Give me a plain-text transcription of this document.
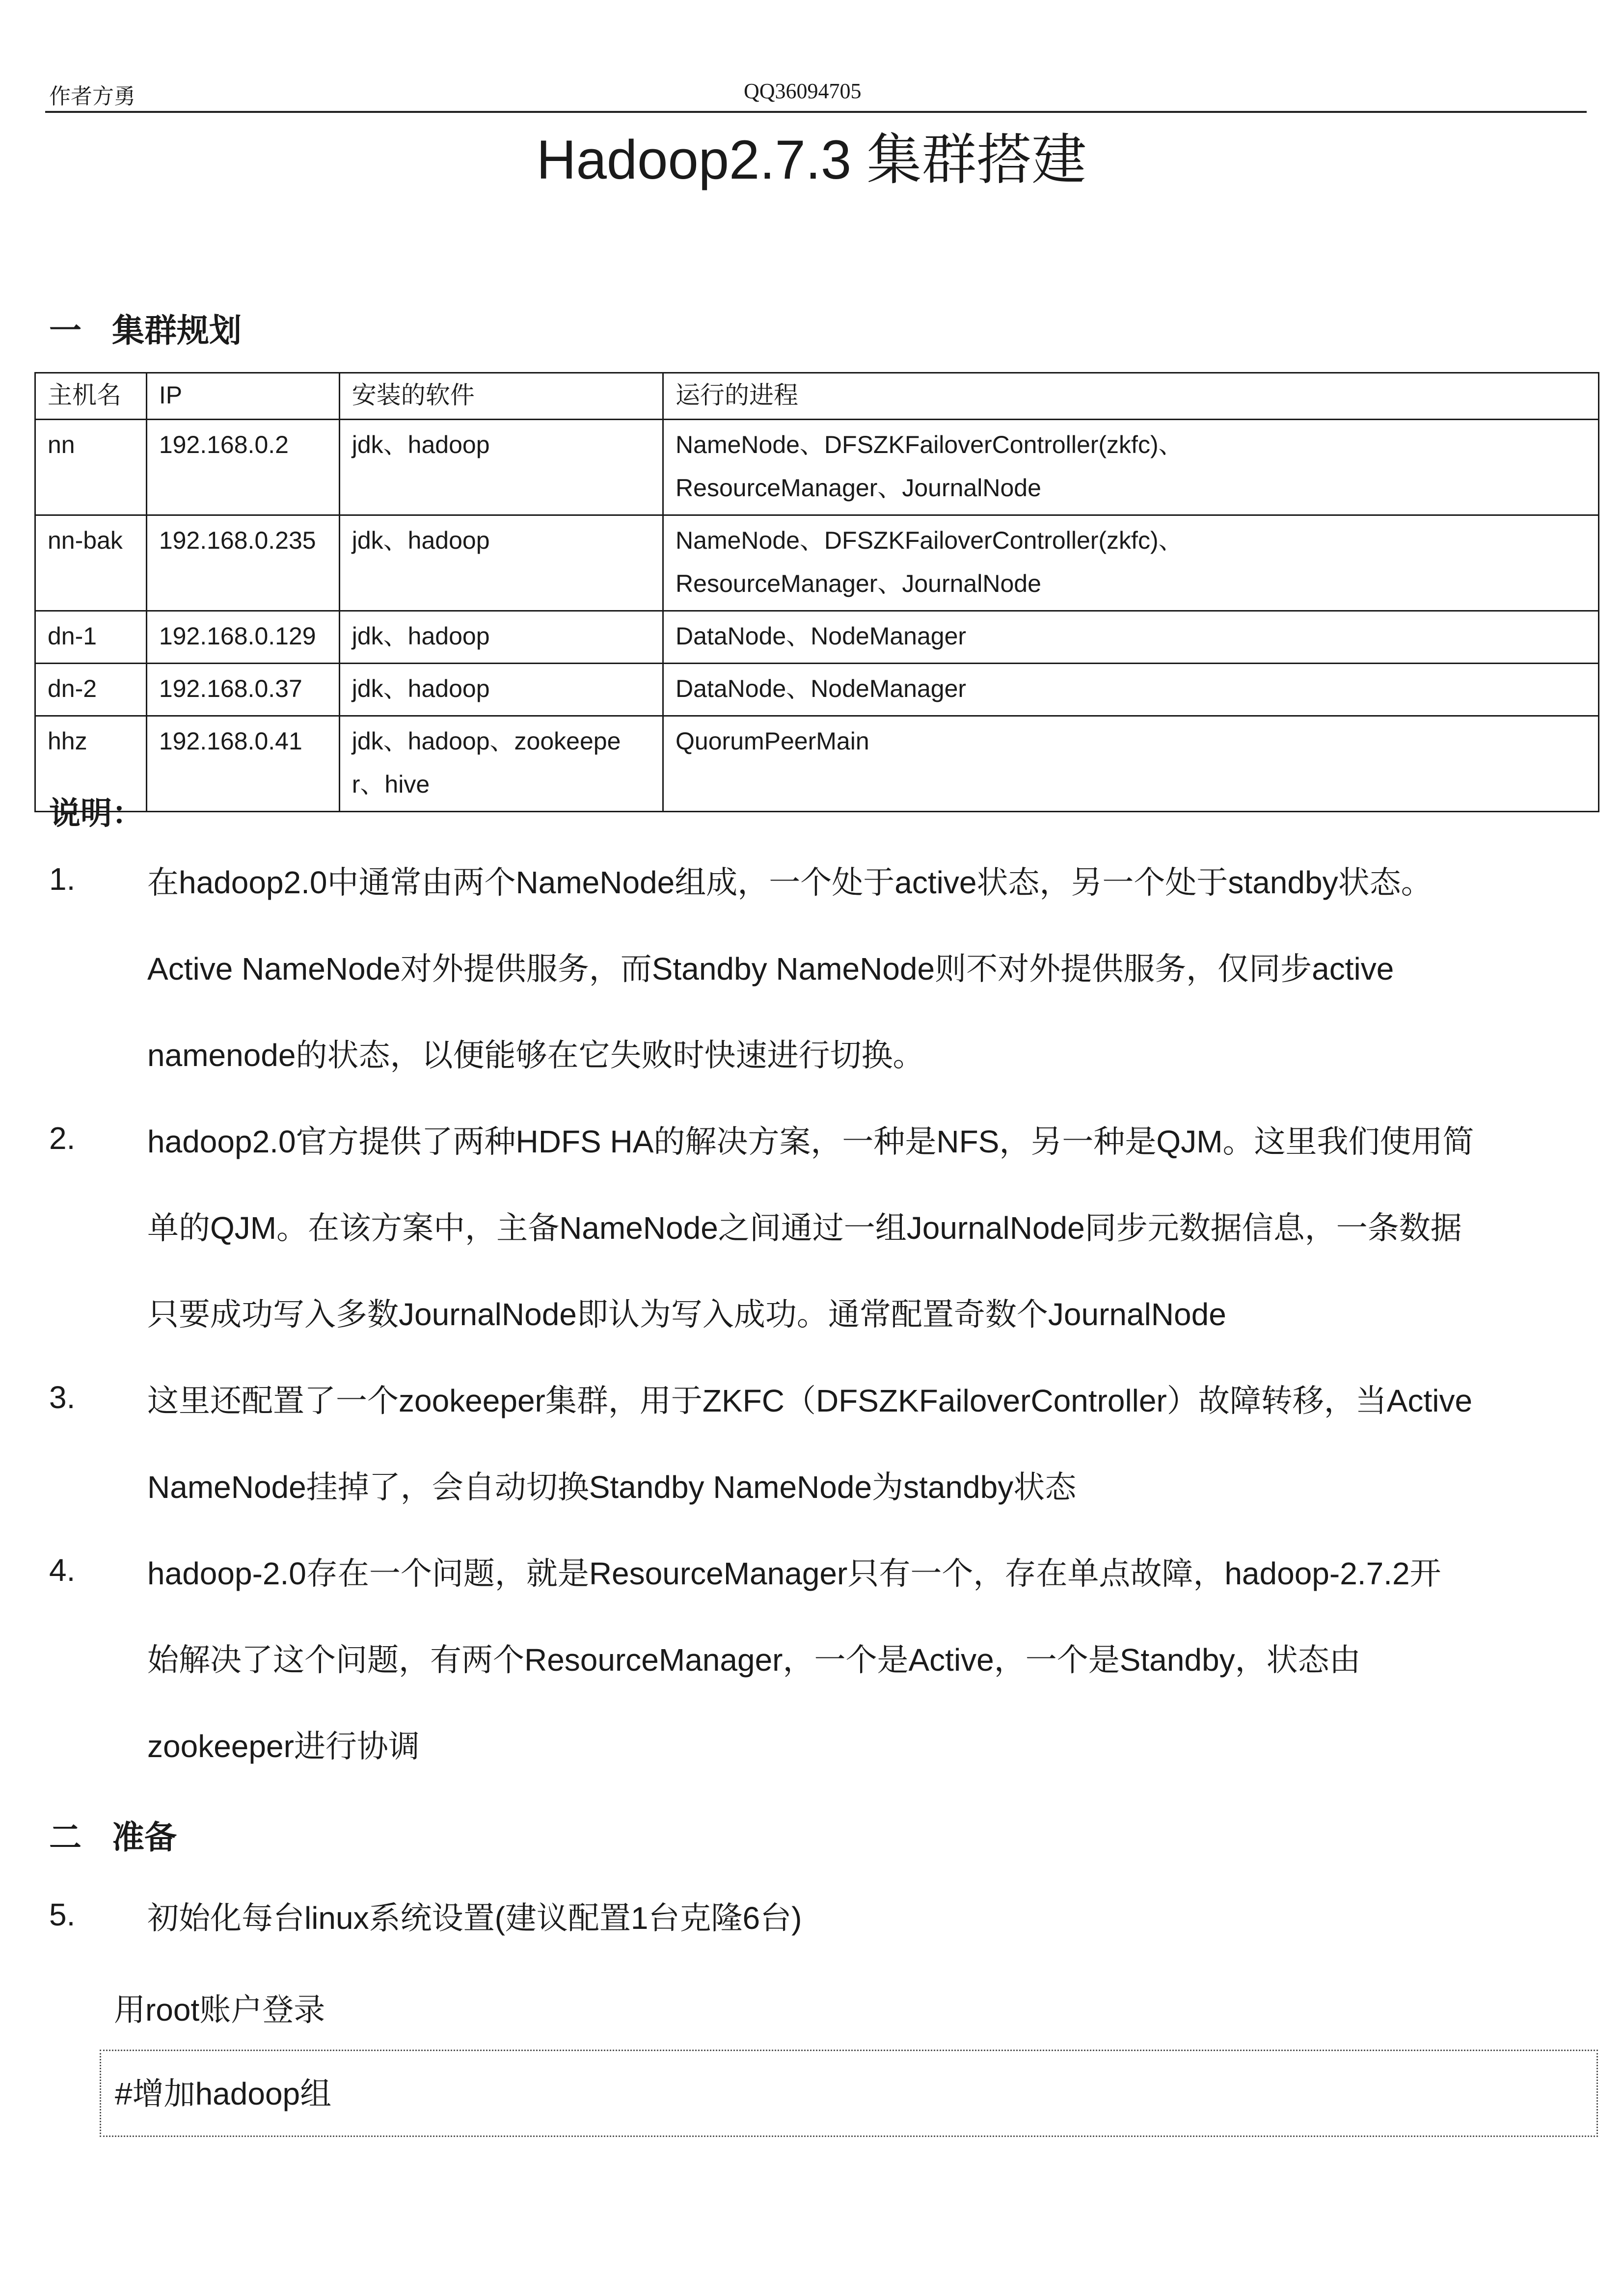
作者方勇	QQ36094705
Hadoop2.7.3 集群搭建
一 集群规划
主机名	IP	安装的软件	运行的进程
nn	192.168.0.2	jdk、hadoop	NameNode、DFSZKFailoverController(zkfc)、
ResourceManager、JournalNode

nn-bak	192.168.0.235	jdk、hadoop	NameNode、DFSZKFailoverController(zkfc)、
ResourceManager、JournalNode

dn-1	192.168.0.129	jdk、hadoop	DataNode、NodeManager

dn-2	192.168.0.37	jdk、hadoop	DataNode、NodeManager

hhz	192.168.0.41	jdk、hadoop、zookeepe
r、hive	QuorumPeerMain
说明：
1. 在hadoop2.0中通常由两个NameNode组成，一个处于active状态，另一个处于standby状态。
Active NameNode对外提供服务，而Standby NameNode则不对外提供服务，仅同步active
namenode的状态，以便能够在它失败时快速进行切换。
2. hadoop2.0官方提供了两种HDFS HA的解决方案，一种是NFS，另一种是QJM。这里我们使用简
单的QJM。在该方案中，主备NameNode之间通过一组JournalNode同步元数据信息，一条数据
只要成功写入多数JournalNode即认为写入成功。通常配置奇数个JournalNode
3. 这里还配置了一个zookeeper集群，用于ZKFC（DFSZKFailoverController）故障转移，当Active
NameNode挂掉了，会自动切换Standby NameNode为standby状态
4. hadoop-2.0存在一个问题，就是ResourceManager只有一个，存在单点故障，hadoop-2.7.2开
始解决了这个问题，有两个ResourceManager，一个是Active，一个是Standby，状态由
zookeeper进行协调
二 准备
5. 初始化每台linux系统设置(建议配置1台克隆6台)
用root账户登录
#增加hadoop组
